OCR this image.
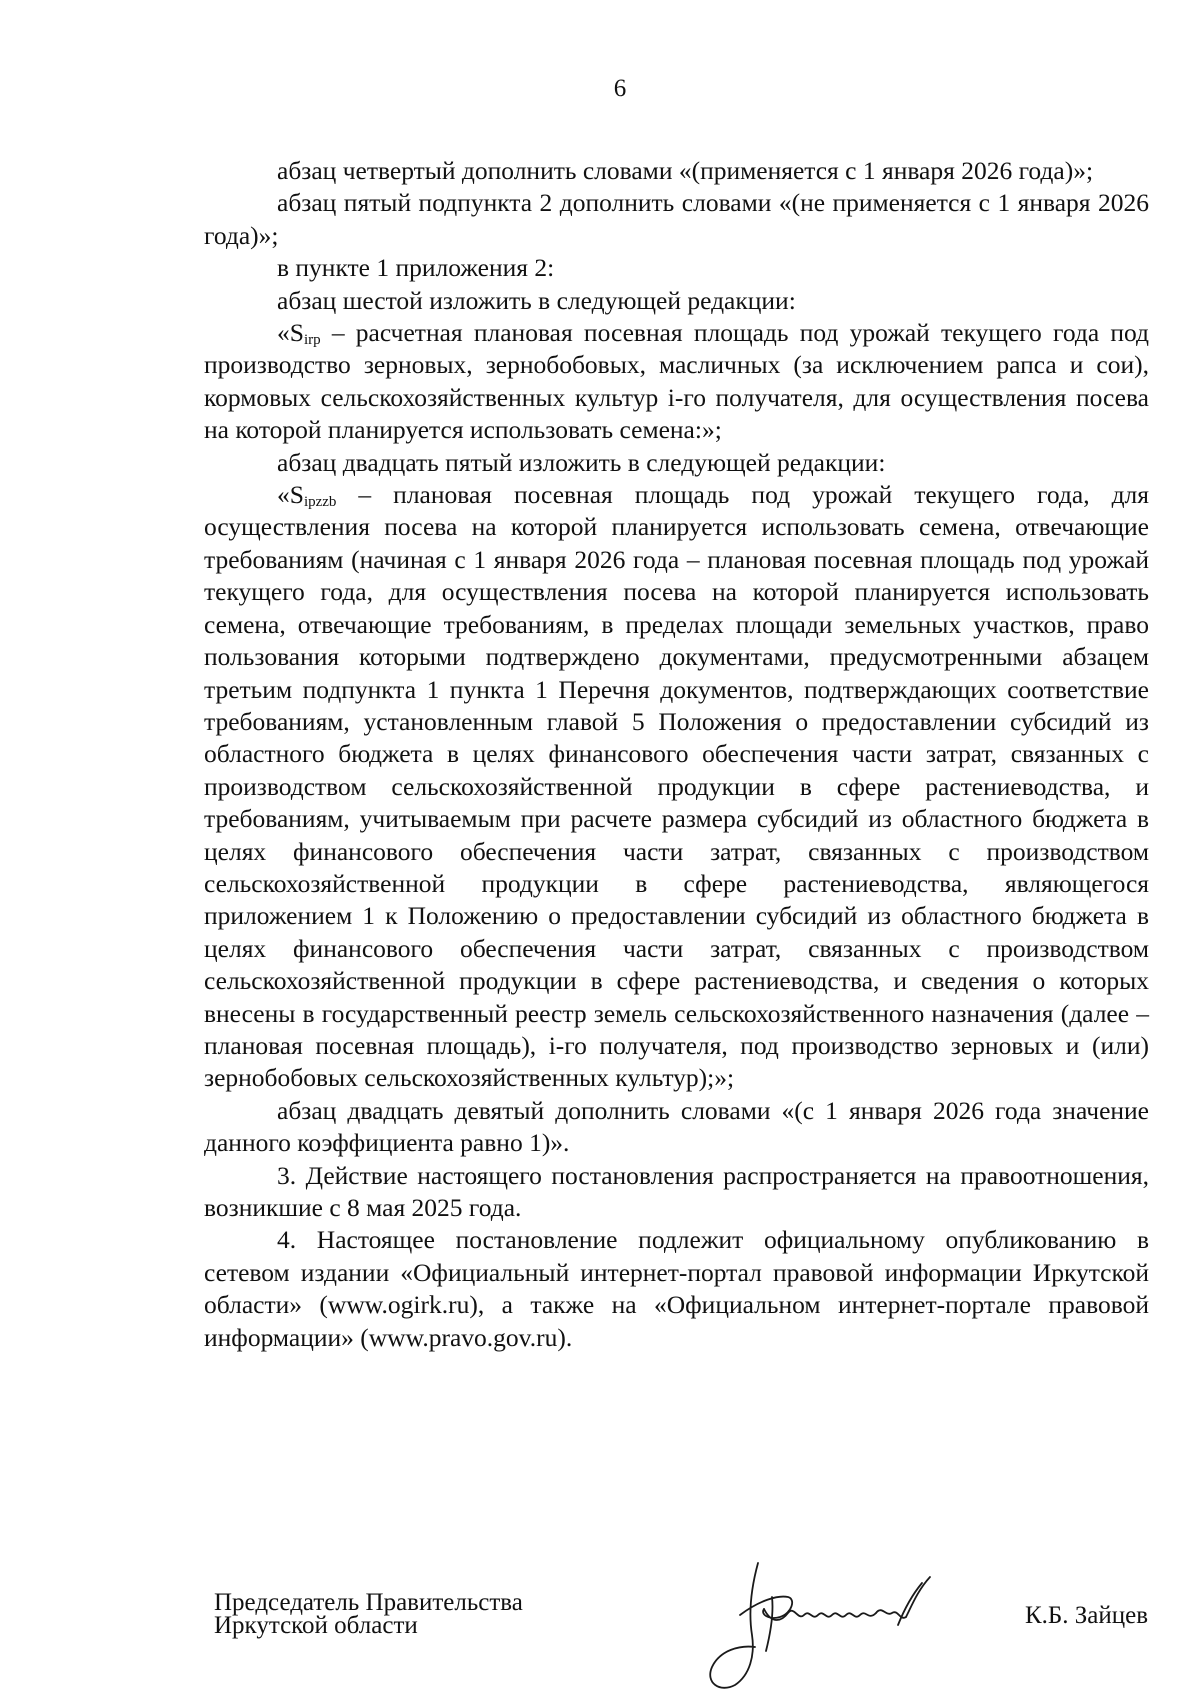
6

абзац четвертый дополнить словами «(применяется с 1 января 2026 года)»;

абзац пятый подпункта 2 дополнить словами «(не применяется с 1 января 2026 года)»;

в пункте 1 приложения 2:

абзац шестой изложить в следующей редакции:

«$S_{irp}$ – расчетная плановая посевная площадь под урожай текущего года под производство зерновых, зернобобовых, масличных (за исключением рапса и сои), кормовых сельскохозяйственных культур i-го получателя, для осуществления посева на которой планируется использовать семена:»;

абзац двадцать пятый изложить в следующей редакции:

«$S_{ipzzb}$ – плановая посевная площадь под урожай текущего года, для осуществления посева на которой планируется использовать семена, отвечающие требованиям (начиная с 1 января 2026 года – плановая посевная площадь под урожай текущего года, для осуществления посева на которой планируется использовать семена, отвечающие требованиям, в пределах площади земельных участков, право пользования которыми подтверждено документами, предусмотренными абзацем третьим подпункта 1 пункта 1 Перечня документов, подтверждающих соответствие требованиям, установленным главой 5 Положения о предоставлении субсидий из областного бюджета в целях финансового обеспечения части затрат, связанных с производством сельскохозяйственной продукции в сфере растениеводства, и требованиям, учитываемым при расчете размера субсидий из областного бюджета в целях финансового обеспечения части затрат, связанных с производством сельскохозяйственной продукции в сфере растениеводства, являющегося приложением 1 к Положению о предоставлении субсидий из областного бюджета в целях финансового обеспечения части затрат, связанных с производством сельскохозяйственной продукции в сфере растениеводства, и сведения о которых внесены в государственный реестр земель сельскохозяйственного назначения (далее – плановая посевная площадь), i-го получателя, под производство зерновых и (или) зернобобовых сельскохозяйственных культур);»;

абзац двадцать девятый дополнить словами «(с 1 января 2026 года значение данного коэффициента равно 1)».

3. Действие настоящего постановления распространяется на правоотношения, возникшие с 8 мая 2025 года.

4. Настоящее постановление подлежит официальному опубликованию в сетевом издании «Официальный интернет-портал правовой информации Иркутской области» (www.ogirk.ru), а также на «Официальном интернет-портале правовой информации» (www.pravo.gov.ru).

Председатель Правительства
Иркутской области	К.Б. Зайцев
